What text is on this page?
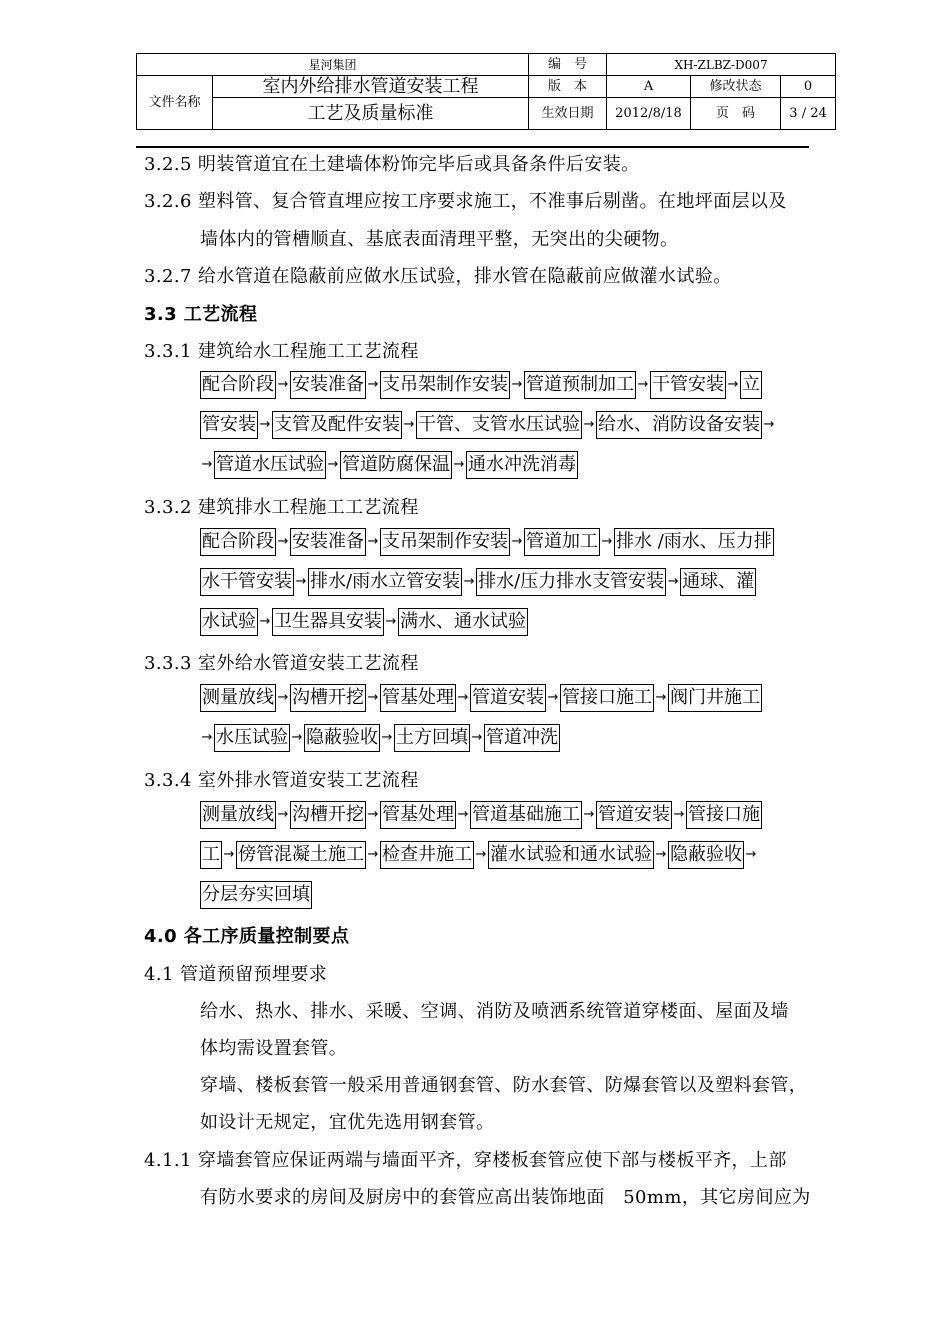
星河集团		编　号	XH-ZLBZ-D007		
文件名称	室内外给排水管道安装工程	版　本	A	修改状态	0
	工艺及质量标准	生效日期	2012/8/18	页　码	3 / 24
3.2.5 明装管道宜在土建墙体粉饰完毕后或具备条件后安装。
3.2.6 塑料管、复合管直埋应按工序要求施工，不准事后剔凿。在地坪面层以及
墙体内的管槽顺直、基底表面清理平整，无突出的尖硬物。
3.2.7 给水管道在隐蔽前应做水压试验，排水管在隐蔽前应做灌水试验。
3.3 工艺流程
3.3.1 建筑给水工程施工工艺流程
配合阶段 → 安装准备 → 支吊架制作安装 → 管道预制加工 → 干管安装 → 立
管安装 → 支管及配件安装 → 干管、支管水压试验 → 给水、消防设备安装 →
→ 管道水压试验 → 管道防腐保温 → 通水冲洗消毒
3.3.2 建筑排水工程施工工艺流程
配合阶段 → 安装准备 → 支吊架制作安装 → 管道加工 → 排水 /雨水、压力排
水干管安装 → 排水/雨水立管安装 → 排水/压力排水支管安装 → 通球、灌
水试验 → 卫生器具安装 → 满水、通水试验
3.3.3 室外给水管道安装工艺流程
测量放线 → 沟槽开挖 → 管基处理 → 管道安装 → 管接口施工 → 阀门井施工
→ 水压试验 → 隐蔽验收 → 土方回填 → 管道冲洗
3.3.4 室外排水管道安装工艺流程
测量放线 → 沟槽开挖 → 管基处理 → 管道基础施工 → 管道安装 → 管接口施
工 → 傍管混凝土施工 → 检查井施工 → 灌水试验和通水试验 → 隐蔽验收 →
分层夯实回填
4.0 各工序质量控制要点
4.1 管道预留预埋要求
给水、热水、排水、采暖、空调、消防及喷洒系统管道穿楼面、屋面及墙
体均需设置套管。
穿墙、楼板套管一般采用普通钢套管、防水套管、防爆套管以及塑料套管，
如设计无规定，宜优先选用钢套管。
4.1.1 穿墙套管应保证两端与墙面平齐，穿楼板套管应使下部与楼板平齐，上部
有防水要求的房间及厨房中的套管应高出装饰地面　50mm，其它房间应为
